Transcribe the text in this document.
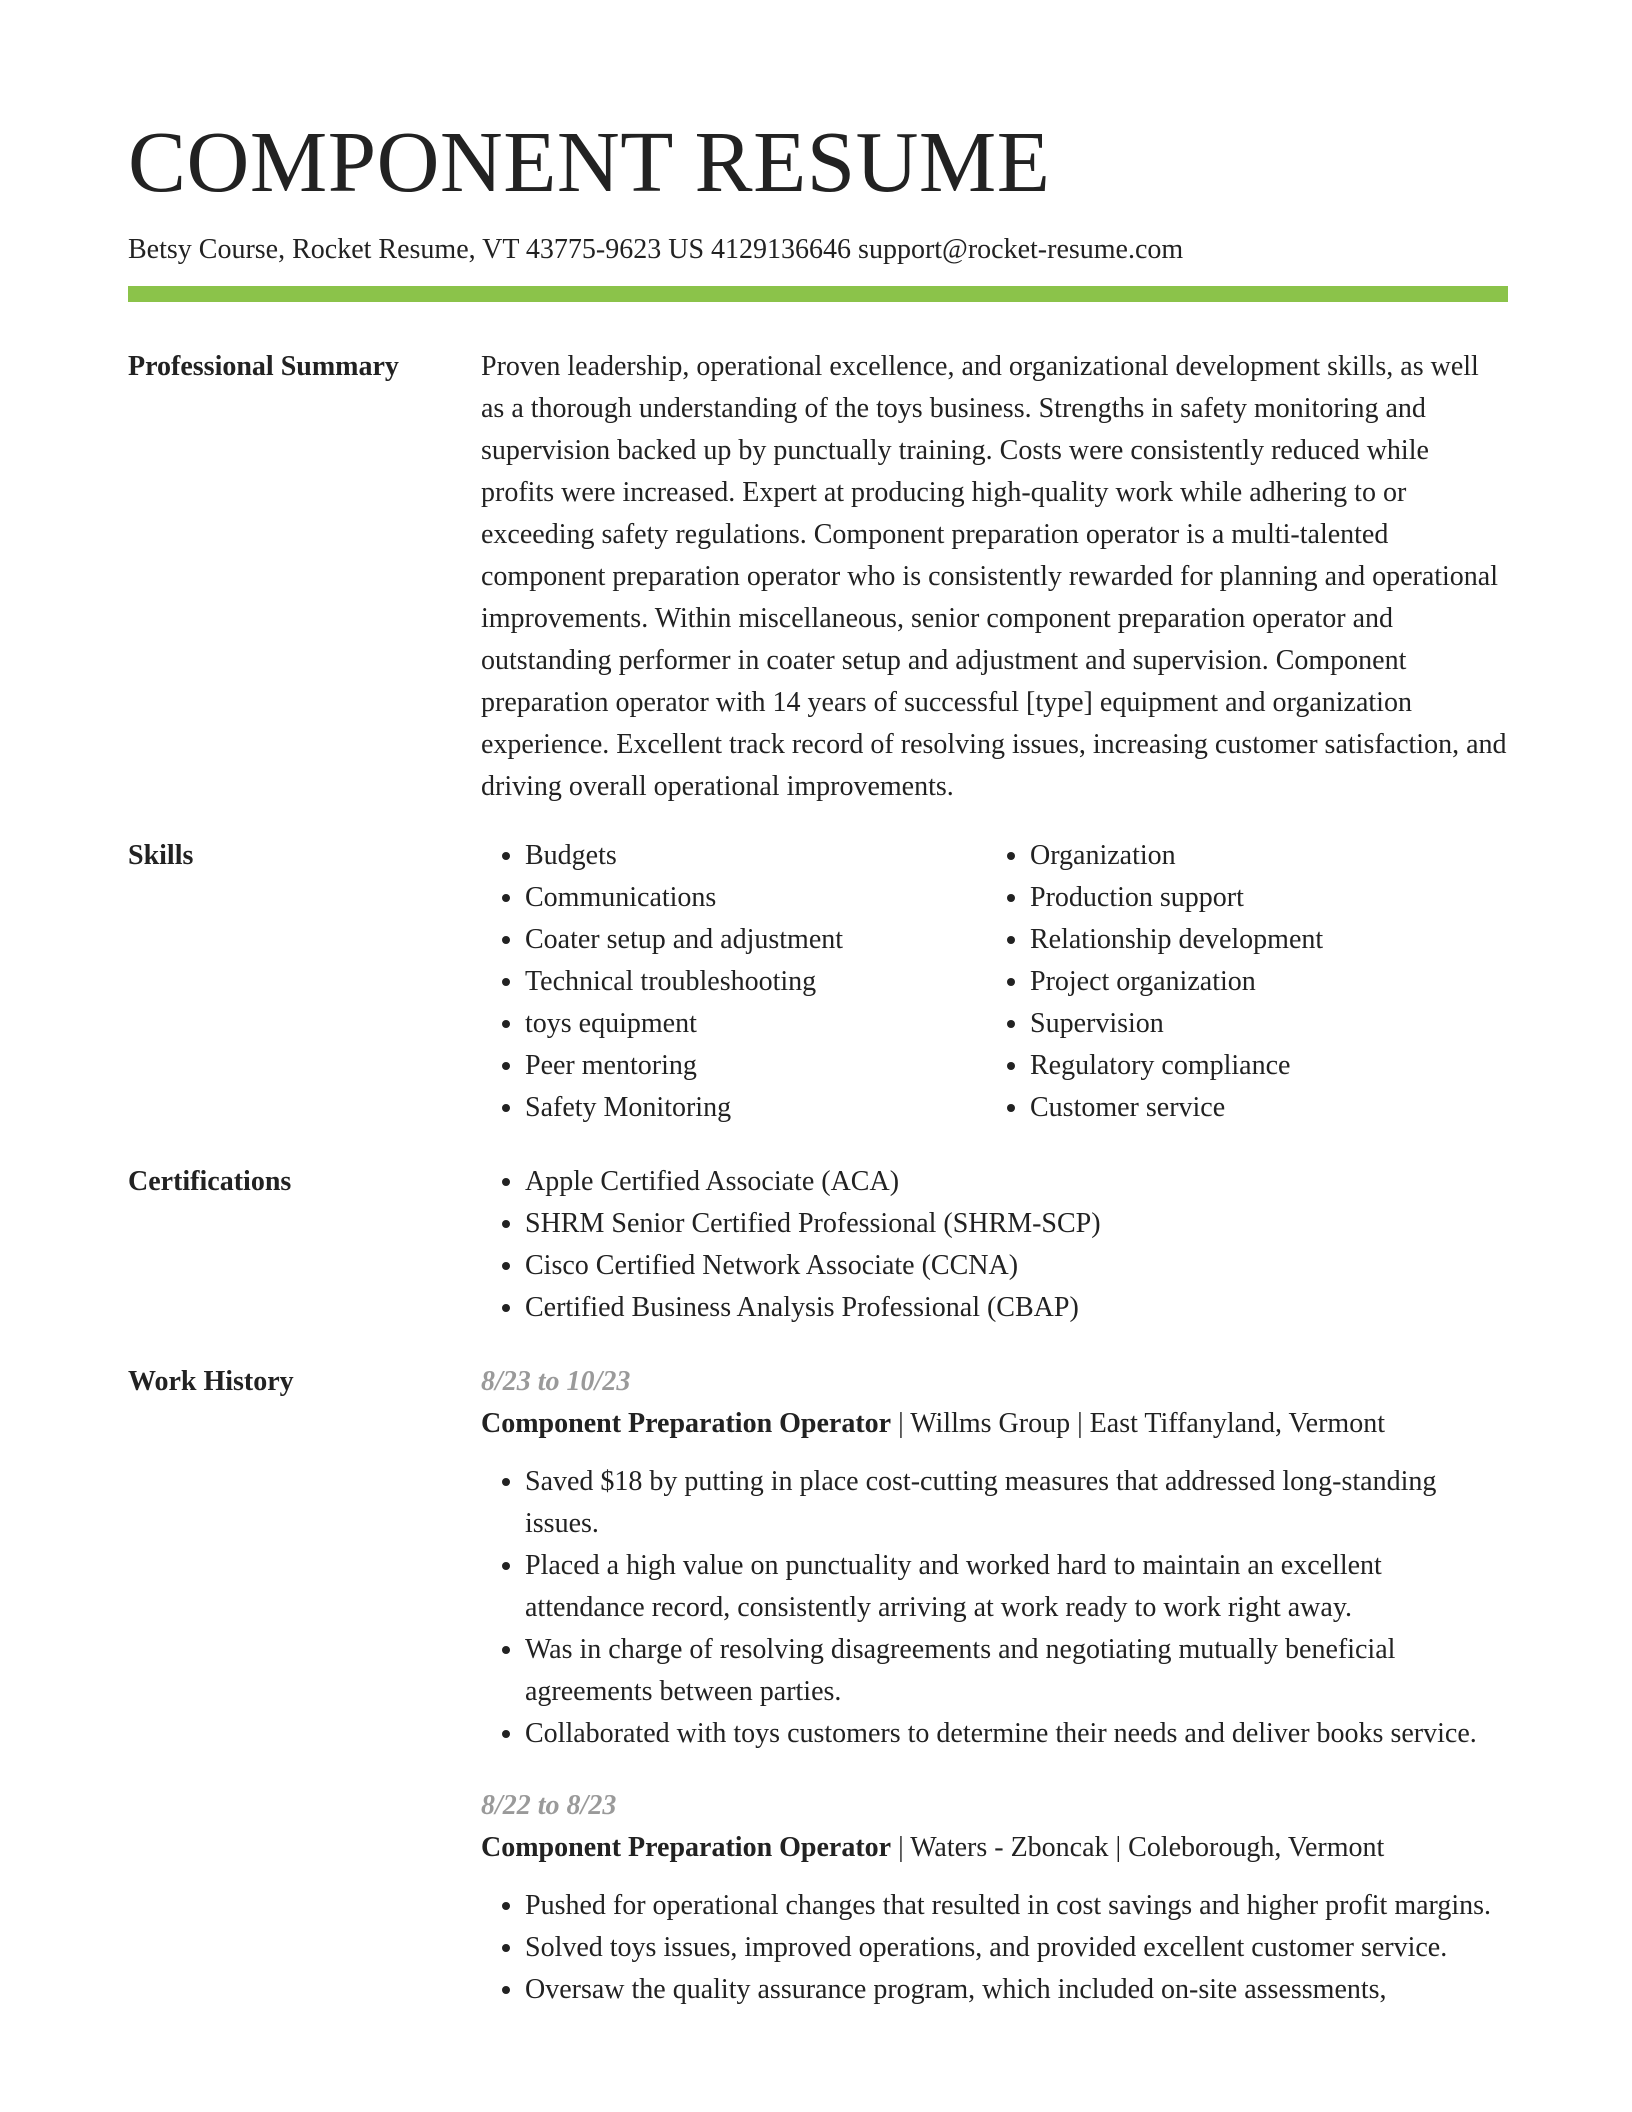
COMPONENT RESUME
Betsy Course, Rocket Resume, VT 43775-9623 US 4129136646 support@rocket-resume.com
Professional Summary	Proven leadership, operational excellence, and organizational development skills, as well as a thorough understanding of the toys business. Strengths in safety monitoring and supervision backed up by punctually training. Costs were consistently reduced while profits were increased. Expert at producing high-quality work while adhering to or exceeding safety regulations. Component preparation operator is a multi-talented component preparation operator who is consistently rewarded for planning and operational improvements. Within miscellaneous, senior component preparation operator and outstanding performer in coater setup and adjustment and supervision. Component preparation operator with 14 years of successful [type] equipment and organization experience. Excellent track record of resolving issues, increasing customer satisfaction, and driving overall operational improvements.

Skills	• Budgets
• Communications
• Coater setup and adjustment
• Technical troubleshooting
• toys equipment
• Peer mentoring
• Safety Monitoring
• Organization
• Production support
• Relationship development
• Project organization
• Supervision
• Regulatory compliance
• Customer service
Certifications	• Apple Certified Associate (ACA)
• SHRM Senior Certified Professional (SHRM-SCP)
• Cisco Certified Network Associate (CCNA)
• Certified Business Analysis Professional (CBAP)
Work History	8/23 to 10/23
Component Preparation Operator | Willms Group | East Tiffanyland, Vermont
• Saved $18 by putting in place cost-cutting measures that addressed long-standing issues.
• Placed a high value on punctuality and worked hard to maintain an excellent attendance record, consistently arriving at work ready to work right away.
• Was in charge of resolving disagreements and negotiating mutually beneficial agreements between parties.
• Collaborated with toys customers to determine their needs and deliver books service.
8/22 to 8/23
Component Preparation Operator | Waters - Zboncak | Coleborough, Vermont
• Pushed for operational changes that resulted in cost savings and higher profit margins.
• Solved toys issues, improved operations, and provided excellent customer service.
• Oversaw the quality assurance program, which included on-site assessments,
